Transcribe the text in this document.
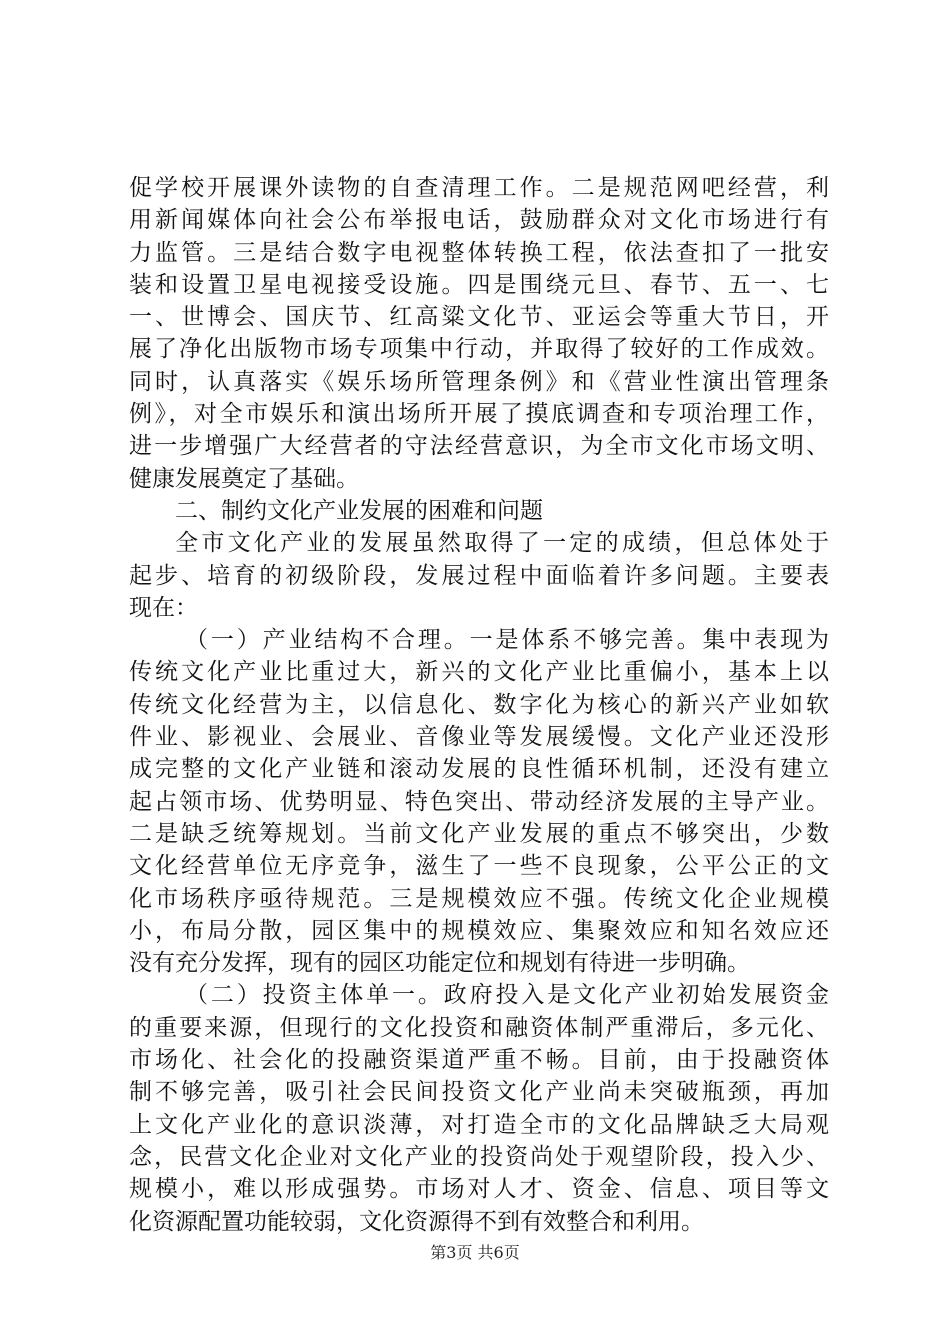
促学校开展课外读物的自查清理工作。二是规范网吧经营，利
用新闻媒体向社会公布举报电话，鼓励群众对文化市场进行有
力监管。三是结合数字电视整体转换工程，依法查扣了一批安
装和设置卫星电视接受设施。四是围绕元旦、春节、五一、七
一、世博会、国庆节、红高粱文化节、亚运会等重大节日，开
展了净化出版物市场专项集中行动，并取得了较好的工作成效。
同时，认真落实《娱乐场所管理条例》和《营业性演出管理条
例》，对全市娱乐和演出场所开展了摸底调查和专项治理工作，
进一步增强广大经营者的守法经营意识，为全市文化市场文明、
健康发展奠定了基础。
二、制约文化产业发展的困难和问题
全市文化产业的发展虽然取得了一定的成绩，但总体处于
起步、培育的初级阶段，发展过程中面临着许多问题。主要表
现在：
（一）产业结构不合理。一是体系不够完善。集中表现为
传统文化产业比重过大，新兴的文化产业比重偏小，基本上以
传统文化经营为主，以信息化、数字化为核心的新兴产业如软
件业、影视业、会展业、音像业等发展缓慢。文化产业还没形
成完整的文化产业链和滚动发展的良性循环机制，还没有建立
起占领市场、优势明显、特色突出、带动经济发展的主导产业。
二是缺乏统筹规划。当前文化产业发展的重点不够突出，少数
文化经营单位无序竞争，滋生了一些不良现象，公平公正的文
化市场秩序亟待规范。三是规模效应不强。传统文化企业规模
小，布局分散，园区集中的规模效应、集聚效应和知名效应还
没有充分发挥，现有的园区功能定位和规划有待进一步明确。
（二）投资主体单一。政府投入是文化产业初始发展资金
的重要来源，但现行的文化投资和融资体制严重滞后，多元化、
市场化、社会化的投融资渠道严重不畅。目前，由于投融资体
制不够完善，吸引社会民间投资文化产业尚未突破瓶颈，再加
上文化产业化的意识淡薄，对打造全市的文化品牌缺乏大局观
念，民营文化企业对文化产业的投资尚处于观望阶段，投入少、
规模小，难以形成强势。市场对人才、资金、信息、项目等文
化资源配置功能较弱，文化资源得不到有效整合和利用。
第3页 共6页
